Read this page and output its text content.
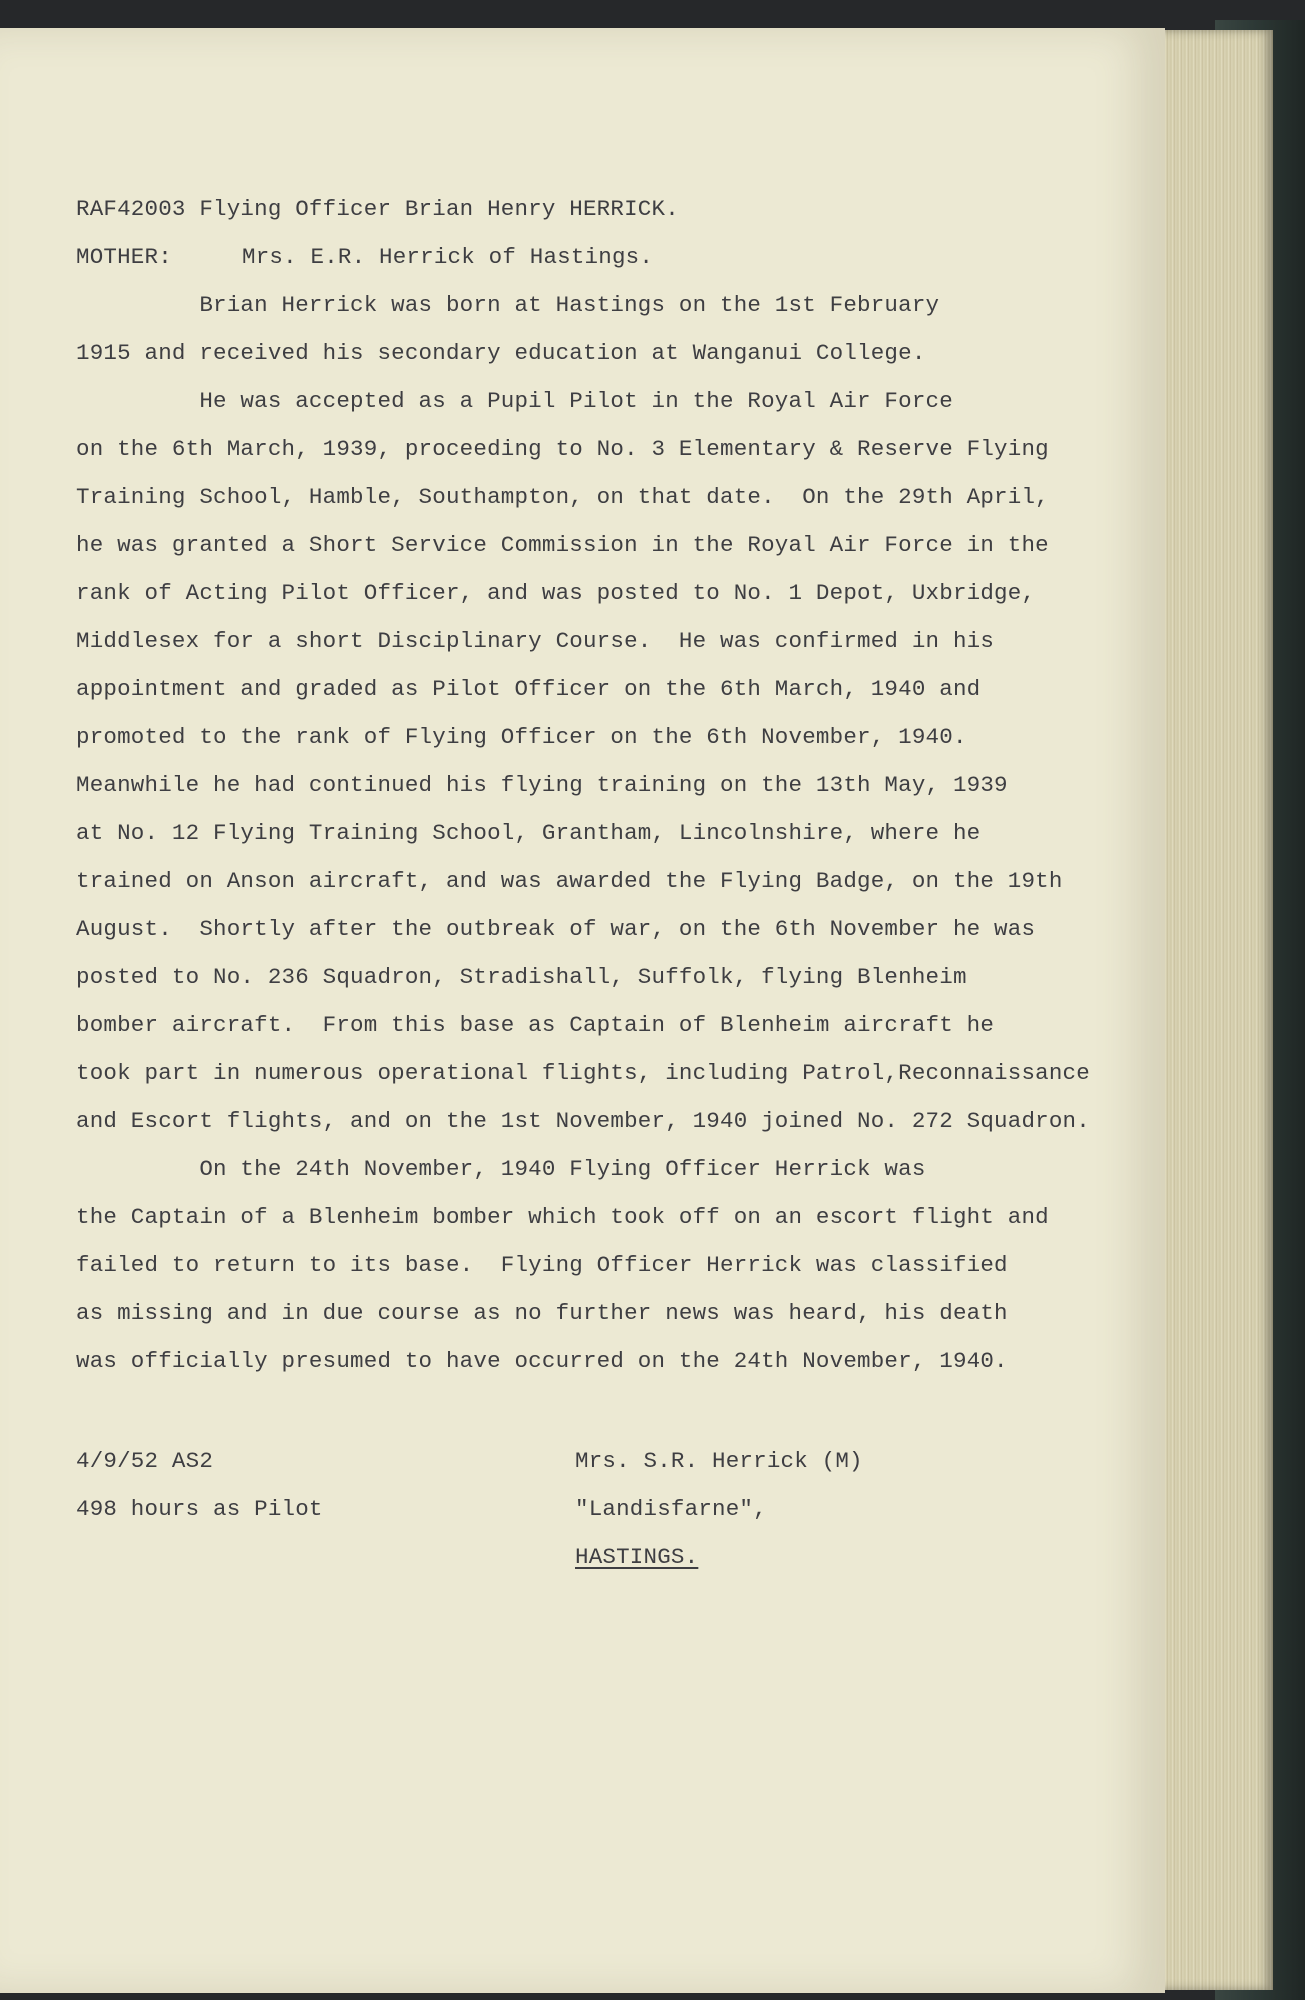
RAF42003 Flying Officer Brian Henry HERRICK.
MOTHER:	Mrs. E.R. Herrick of Hastings.
Brian Herrick was born at Hastings on the 1st February
1915 and received his secondary education at Wanganui College.
He was accepted as a Pupil Pilot in the Royal Air Force
on the 6th March, 1939, proceeding to No. 3 Elementary & Reserve Flying
Training School, Hamble, Southampton, on that date.  On the 29th April,
he was granted a Short Service Commission in the Royal Air Force in the
rank of Acting Pilot Officer, and was posted to No. 1 Depot, Uxbridge,
Middlesex for a short Disciplinary Course.  He was confirmed in his
appointment and graded as Pilot Officer on the 6th March, 1940 and
promoted to the rank of Flying Officer on the 6th November, 1940.
Meanwhile he had continued his flying training on the 13th May, 1939
at No. 12 Flying Training School, Grantham, Lincolnshire, where he
trained on Anson aircraft, and was awarded the Flying Badge, on the 19th
August.  Shortly after the outbreak of war, on the 6th November he was
posted to No. 236 Squadron, Stradishall, Suffolk, flying Blenheim
bomber aircraft.  From this base as Captain of Blenheim aircraft he
took part in numerous operational flights, including Patrol,Reconnaissance
and Escort flights, and on the 1st November, 1940 joined No. 272 Squadron.
On the 24th November, 1940 Flying Officer Herrick was
the Captain of a Blenheim bomber which took off on an escort flight and
failed to return to its base.  Flying Officer Herrick was classified
as missing and in due course as no further news was heard, his death
was officially presumed to have occurred on the 24th November, 1940.
4/9/52 AS2
498 hours as Pilot
Mrs. S.R. Herrick (M)
"Landisfarne",
HASTINGS.
